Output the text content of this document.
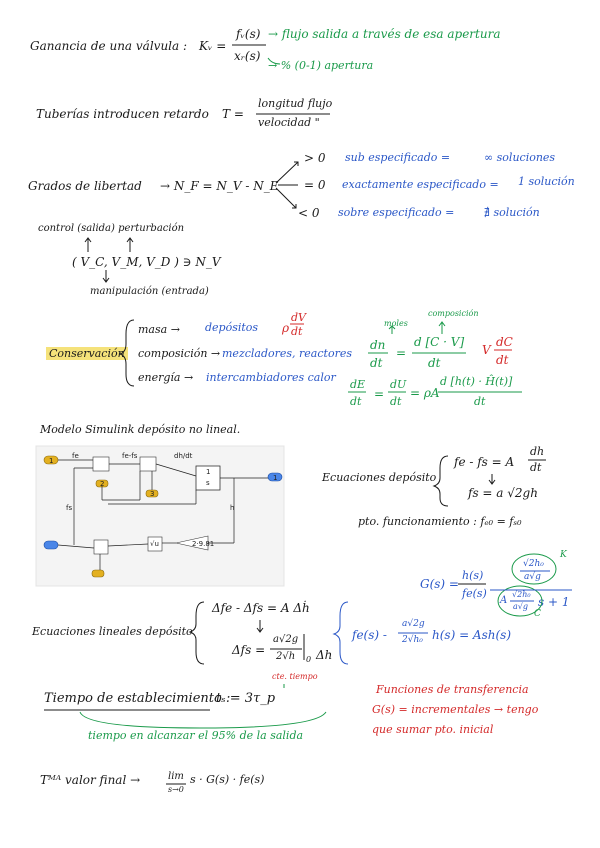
Ganancia de una válvula : Kᵥ =
fᵥ(s)
xᵣ(s)
→ flujo salida a través de esa apertura
→ % (0-1) apertura
Tuberías introducen retardo T =
longitud flujo
velocidad "
Grados de libertad → N_F = N_V - N_E
> 0 sub especificado =	∞ soluciones
= 0 exactamente especificado = 1 solución
< 0 sobre especificado =	∄ solución
control (salida) perturbación
( V_C, V_M, V_D ) ∋ N_V
manipulación (entrada)
Conservación
masa → depósitos ρ
dV
dt
composición → mezcladores, reactores
energía → intercambiadores calor
moles
composición
dn
dt
=
d [C · V]
dt
V
dC
dt
dE
dt
=
dU
dt
= ρA
d [h(t) · Ĥ(t)]
dt
Modelo Simulink depósito no lineal.
Ecuaciones depósito
fe - fs = A
dh
dt
fs = a √2gh
pto. funcionamiento : fₑ₀ = fₛ₀
G(s) =
h(s)
fe(s)
K
√2h₀
a√g
A
√2h₀
a√g s + 1
C
Ecuaciones lineales depósito
Δfe - Δfs = A Δḣ
Δfs =
a√2g
2√h 0 Δh
fe(s) -
a√2g
2√h₀ h(s) = Ash(s)
cte. tiempo
Tiempo de establecimiento :
tₛ = 3τ_p
tiempo en alcanzar el 95% de la salida
Funciones de transferencia
G(s) = incrementales → tengo
que sumar pto. inicial
Tᴹᴬ valor final →	lim
s→0
s · G(s) · fe(s)
fe	fe-fs	dh/dt
fs	h
√u	2·9.81
1
s
1
1
2
3
